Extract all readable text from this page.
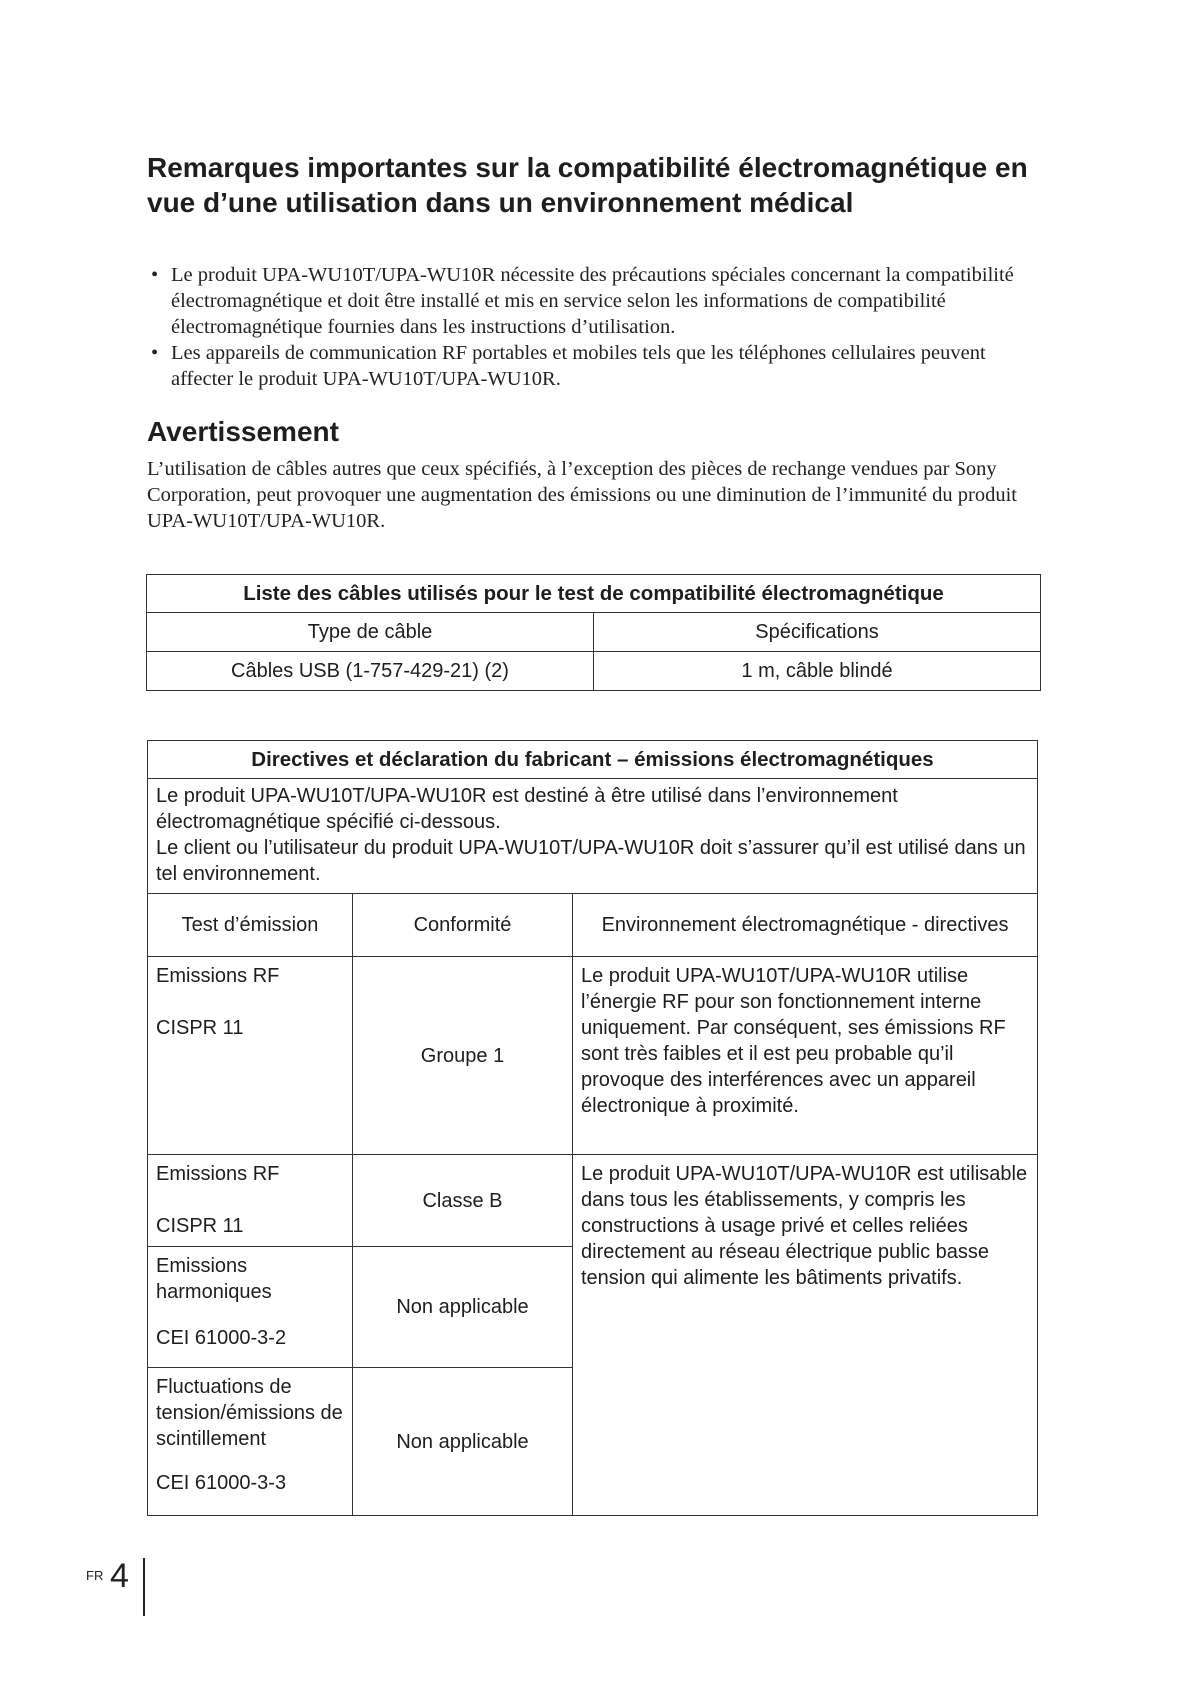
Remarques importantes sur la compatibilité électromagnétique en vue d’une utilisation dans un environnement médical
• Le produit UPA-WU10T/UPA-WU10R nécessite des précautions spéciales concernant la compatibilité électromagnétique et doit être installé et mis en service selon les informations de compatibilité électromagnétique fournies dans les instructions d’utilisation.
• Les appareils de communication RF portables et mobiles tels que les téléphones cellulaires peuvent affecter le produit UPA-WU10T/UPA-WU10R.
Avertissement

L’utilisation de câbles autres que ceux spécifiés, à l’exception des pièces de rechange vendues par Sony Corporation, peut provoquer une augmentation des émissions ou une diminution de l’immunité du produit UPA-WU10T/UPA-WU10R.

Liste des câbles utilisés pour le test de compatibilité électromagnétique	
Type de câble	Spécifications
Câbles USB (1-757-429-21) (2)	1 m, câble blindé
Directives et déclaration du fabricant – émissions électromagnétiques		

Le produit UPA-WU10T/UPA-WU10R est destiné à être utilisé dans l’environnement électromagnétique spécifié ci-dessous.
Le client ou l’utilisateur du produit UPA-WU10T/UPA-WU10R doit s’assurer qu’il est utilisé dans un tel environnement.		

Test d’émission	Conformité	Environnement électromagnétique - directives
Emissions RF
CISPR 11	Groupe 1	Le produit UPA-WU10T/UPA-WU10R utilise l’énergie RF pour son fonctionnement interne uniquement. Par conséquent, ses émissions RF sont très faibles et il est peu probable qu’il provoque des interférences avec un appareil électronique à proximité.
Emissions RF
CISPR 11	Classe B	Le produit UPA-WU10T/UPA-WU10R est utilisable dans tous les établissements, y compris les constructions à usage privé et celles reliées directement au réseau électrique public basse tension qui alimente les bâtiments privatifs.

Emissions harmoniques
CEI 61000-3-2	Non applicable	

Fluctuations de tension/émissions de scintillement
CEI 61000-3-3	Non applicable	
FR 4
